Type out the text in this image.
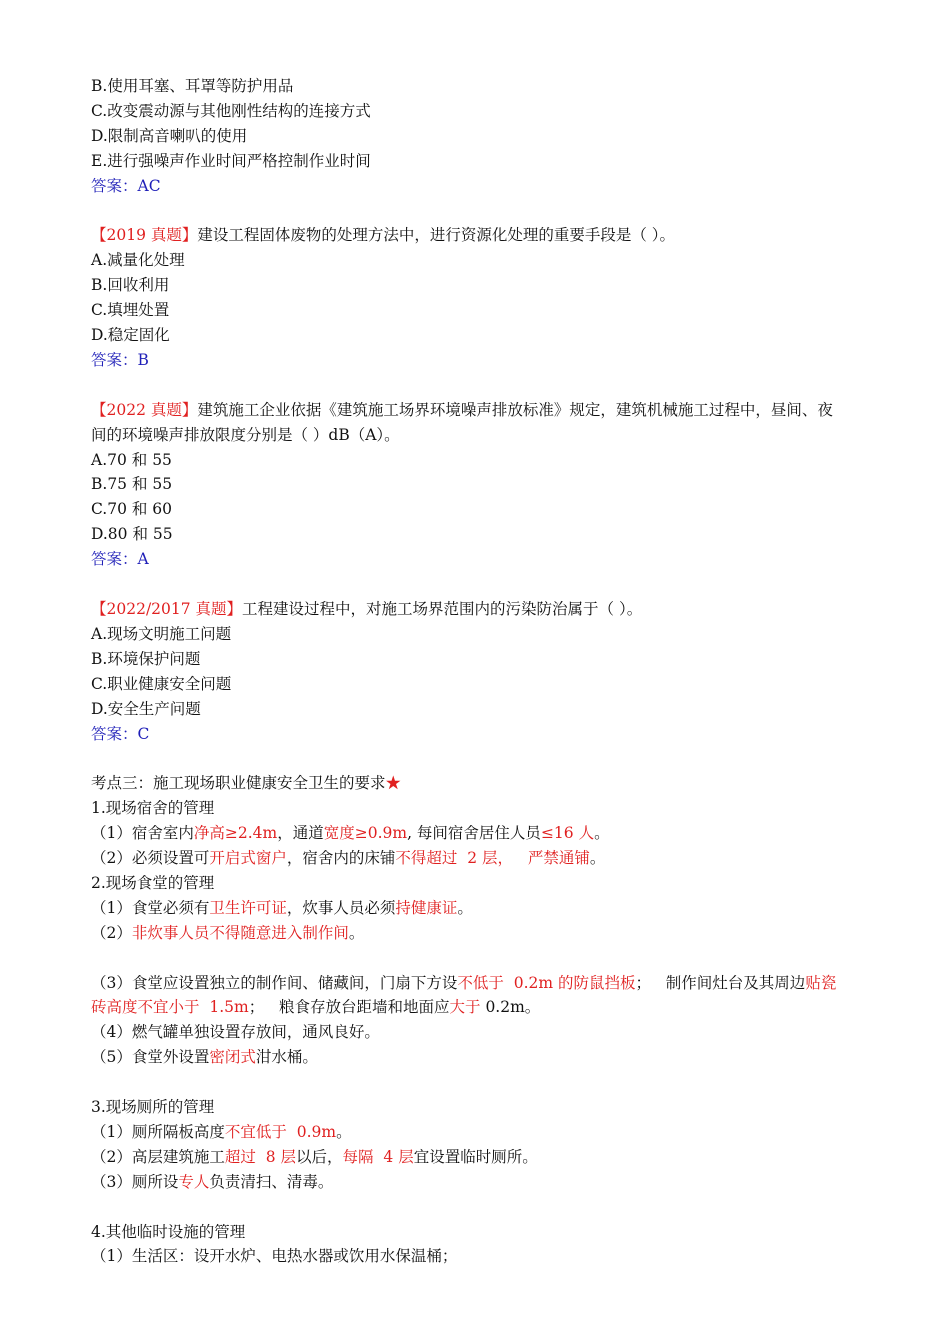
B.使用耳塞、耳罩等防护用品
C.改变震动源与其他刚性结构的连接方式
D.限制高音喇叭的使用
E.进行强噪声作业时间严格控制作业时间
答案：AC
【2019 真题】建设工程固体废物的处理方法中，进行资源化处理的重要手段是（ ）。
A.减量化处理
B.回收利用
C.填埋处置
D.稳定固化
答案：B
【2022 真题】建筑施工企业依据《建筑施工场界环境噪声排放标准》规定，建筑机械施工过程中，昼间、夜
间的环境噪声排放限度分别是（ ）dB（A）。
A.70 和 55
B.75 和 55
C.70 和 60
D.80 和 55
答案：A
【2022/2017 真题】工程建设过程中，对施工场界范围内的污染防治属于（ ）。
A.现场文明施工问题
B.环境保护问题
C.职业健康安全问题
D.安全生产问题
答案：C
考点三：施工现场职业健康安全卫生的要求★
1.现场宿舍的管理
（1）宿舍室内净高≥2.4m，通道宽度≥0.9m, 每间宿舍居住人员≤16 人。
（2）必须设置可开启式窗户，宿舍内的床铺不得超过  2 层，   严禁通铺。
2.现场食堂的管理
（1）食堂必须有卫生许可证，炊事人员必须持健康证。
（2）非炊事人员不得随意进入制作间。
（3）食堂应设置独立的制作间、储藏间，门扇下方设不低于  0.2m 的防鼠挡板；   制作间灶台及其周边贴瓷
砖高度不宜小于  1.5m；   粮食存放台距墙和地面应大于 0.2m。
（4）燃气罐单独设置存放间，通风良好。
（5）食堂外设置密闭式泔水桶。
3.现场厕所的管理
（1）厕所隔板高度不宜低于  0.9m。
（2）高层建筑施工超过  8 层以后，每隔  4 层宜设置临时厕所。
（3）厕所设专人负责清扫、清毒。
4.其他临时设施的管理
（1）生活区：设开水炉、电热水器或饮用水保温桶；
